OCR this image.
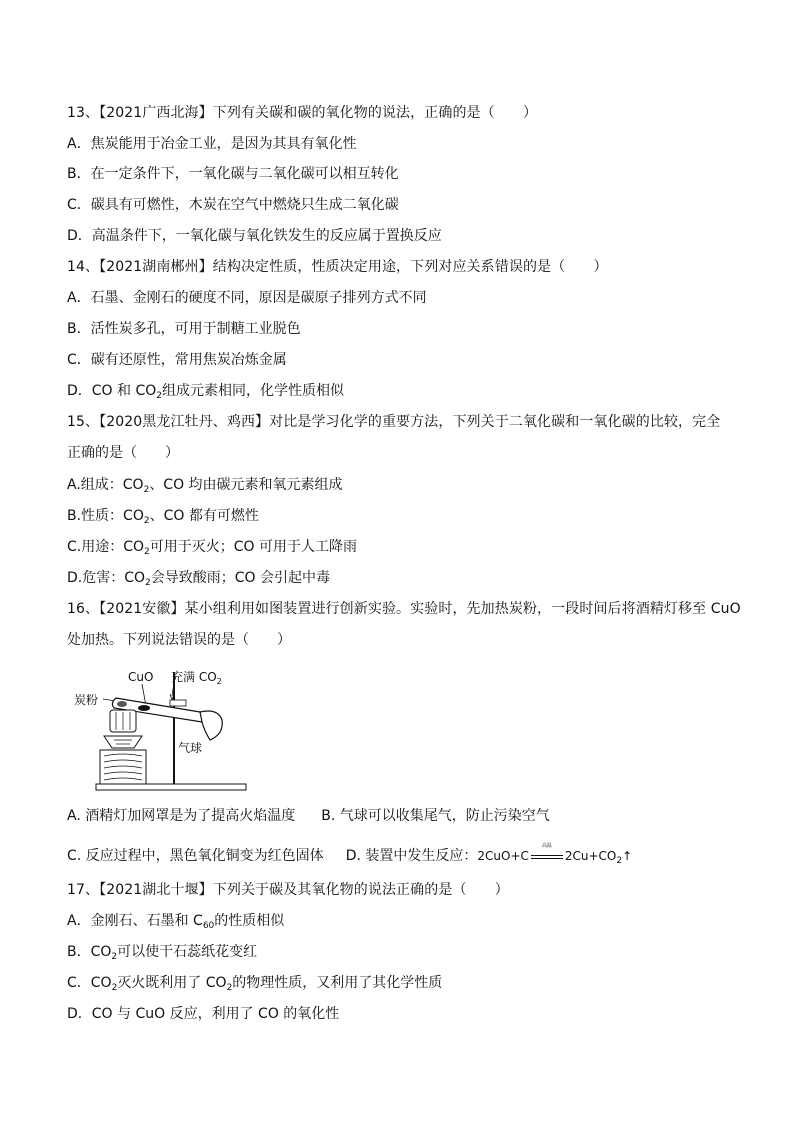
13、【2021广西北海】下列有关碳和碳的氧化物的说法，正确的是（　　）
A．焦炭能用于冶金工业，是因为其具有氧化性
B．在一定条件下，一氧化碳与二氧化碳可以相互转化
C．碳具有可燃性，木炭在空气中燃烧只生成二氧化碳
D．高温条件下，一氧化碳与氧化铁发生的反应属于置换反应
14、【2021湖南郴州】结构决定性质，性质决定用途，下列对应关系错误的是（　　）
A．石墨、金刚石的硬度不同，原因是碳原子排列方式不同
B．活性炭多孔，可用于制糖工业脱色
C．碳有还原性，常用焦炭冶炼金属
D．CO 和 $CO_2$组成元素相同，化学性质相似
15、【2020黑龙江牡丹、鸡西】对比是学习化学的重要方法，下列关于二氧化碳和一氧化碳的比较，完全
正确的是（　　）
A.组成：$CO_2$、CO 均由碳元素和氧元素组成
B.性质：$CO_2$、CO 都有可燃性
C.用途：$CO_2$可用于灭火；CO 可用于人工降雨
D.危害：$CO_2$会导致酸雨；CO 会引起中毒
16、【2021安徽】某小组利用如图装置进行创新实验。实验时，先加热炭粉，一段时间后将酒精灯移至 CuO
处加热。下列说法错误的是（　　）
CuO 充满 $CO_2$
炭粉
气球
A. 酒精灯加网罩是为了提高火焰温度 B. 气球可以收集尾气，防止污染空气
C. 反应过程中，黑色氧化铜变为红色固体 D. 装置中发生反应：2CuO+C
高温
$2Cu+CO_2↑$
17、【2021湖北十堰】下列关于碳及其氧化物的说法正确的是（　　）
A．金刚石、石墨和 $C_{60}$的性质相似
B．$CO_2$可以使干石蕊纸花变红
C．$CO_2$灭火既利用了 $CO_2$的物理性质，又利用了其化学性质
D．CO 与 CuO 反应，利用了 CO 的氧化性
